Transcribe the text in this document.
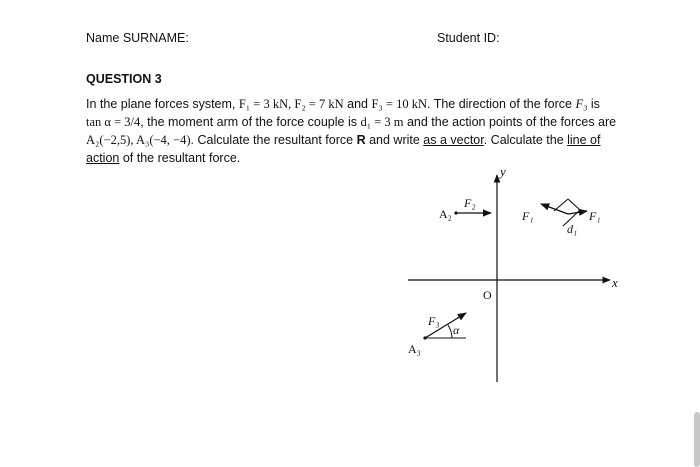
Name SURNAME:	Student ID:
QUESTION 3
In the plane forces system, F₁ = 3 kN, F₂ = 7 kN and F₃ = 10 kN. The direction of the force F₃ is
tan α = 3/4, the moment arm of the force couple is d₁ = 3 m and the action points of the forces are
A₂(−2,5), A₃(−4, −4). Calculate the resultant force R and write as a vector. Calculate the line of
action of the resultant force.
x
y
O
A₂
F₂
F₁	F₁
d₁
F₃
α
A₃
